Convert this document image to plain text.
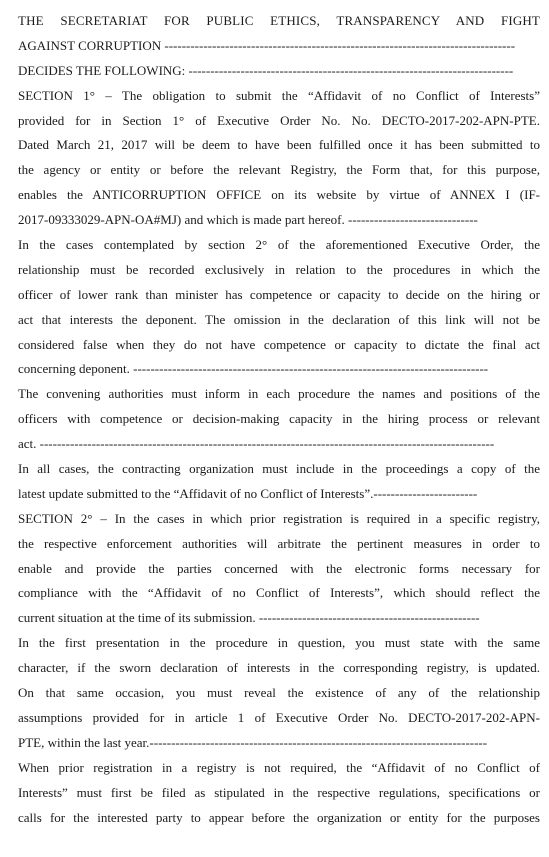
THE SECRETARIAT FOR PUBLIC ETHICS, TRANSPARENCY AND FIGHT
AGAINST CORRUPTION ---------------------------------------------------------------------------------
DECIDES THE FOLLOWING: ---------------------------------------------------------------------------
SECTION 1° – The obligation to submit the “Affidavit of no Conflict of Interests”
provided for in Section 1° of Executive Order No. No. DECTO-2017-202-APN-PTE.
Dated March 21, 2017 will be deem to have been fulfilled once it has been submitted to
the agency or entity or before the relevant Registry, the Form that, for this purpose,
enables the ANTICORRUPTION OFFICE on its website by virtue of ANNEX I (IF-
2017-09333029-APN-OA#MJ) and which is made part hereof. ------------------------------
In the cases contemplated by section 2° of the aforementioned Executive Order, the
relationship must be recorded exclusively in relation to the procedures in which the
officer of lower rank than minister has competence or capacity to decide on the hiring or
act that interests the deponent. The omission in the declaration of this link will not be
considered false when they do not have competence or capacity to dictate the final act
concerning deponent. ----------------------------------------------------------------------------------
The convening authorities must inform in each procedure the names and positions of the
officers with competence or decision-making capacity in the hiring process or relevant
act. ---------------------------------------------------------------------------------------------------------
In all cases, the contracting organization must include in the proceedings a copy of the
latest update submitted to the “Affidavit of no Conflict of Interests”.------------------------
SECTION 2° – In the cases in which prior registration is required in a specific registry,
the respective enforcement authorities will arbitrate the pertinent measures in order to
enable and provide the parties concerned with the electronic forms necessary for
compliance with the “Affidavit of no Conflict of Interests”, which should reflect the
current situation at the time of its submission. ---------------------------------------------------
In the first presentation in the procedure in question, you must state with the same
character, if the sworn declaration of interests in the corresponding registry, is updated.
On that same occasion, you must reveal the existence of any of the relationship
assumptions provided for in article 1 of Executive Order No. DECTO-2017-202-APN-
PTE, within the last year.------------------------------------------------------------------------------
When prior registration in a registry is not required, the “Affidavit of no Conflict of
Interests” must first be filed as stipulated in the respective regulations, specifications or
calls for the interested party to appear before the organization or entity for the purposes
